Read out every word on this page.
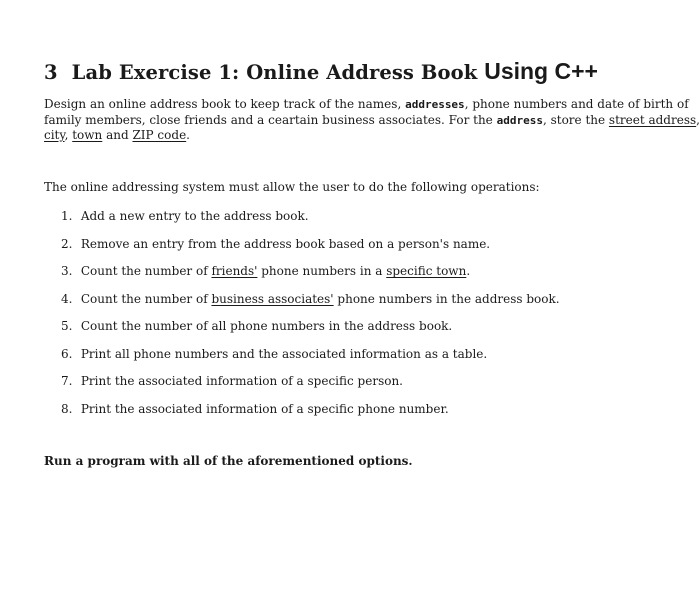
3 Lab Exercise 1: Online Address Book Using C++
Design an online address book to keep track of the names, addresses, phone numbers and date of birth of
family members, close friends and a ceartain business associates. For the address, store the street address,
city, town and ZIP code.
The online addressing system must allow the user to do the following operations:
1. Add a new entry to the address book.
2. Remove an entry from the address book based on a person's name.
3. Count the number of friends' phone numbers in a specific town.
4. Count the number of business associates' phone numbers in the address book.
5. Count the number of all phone numbers in the address book.
6. Print all phone numbers and the associated information as a table.
7. Print the associated information of a specific person.
8. Print the associated information of a specific phone number.
Run a program with all of the aforementioned options.
